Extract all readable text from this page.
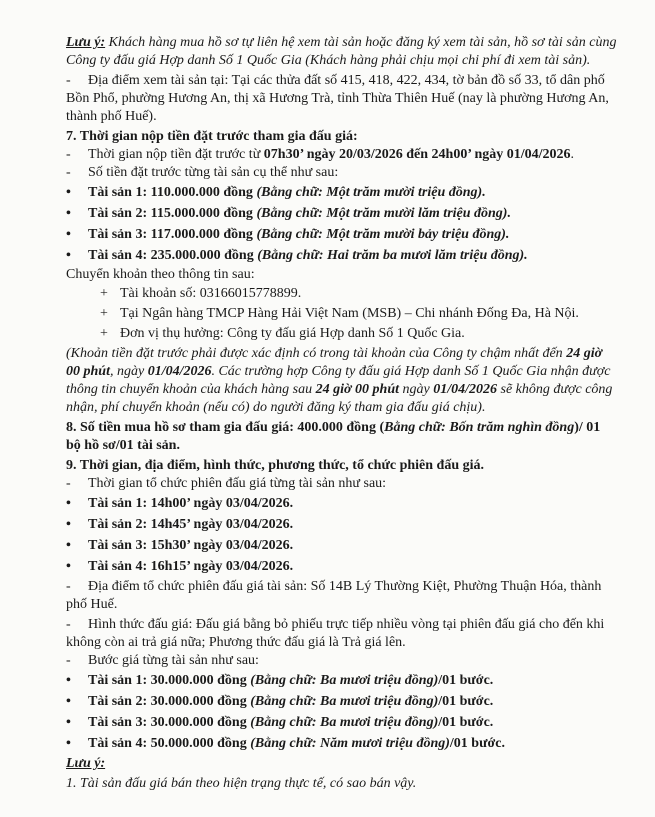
Lưu ý: Khách hàng mua hồ sơ tự liên hệ xem tài sản hoặc đăng ký xem tài sản, hồ sơ tài sản cùng
Công ty đấu giá Hợp danh Số 1 Quốc Gia (Khách hàng phải chịu mọi chi phí đi xem tài sản).
- Địa điểm xem tài sản tại: Tại các thửa đất số 415, 418, 422, 434, tờ bản đồ số 33, tổ dân phố
Bồn Phổ, phường Hương An, thị xã Hương Trà, tỉnh Thừa Thiên Huế (nay là phường Hương An,
thành phố Huế).
7. Thời gian nộp tiền đặt trước tham gia đấu giá:
- Thời gian nộp tiền đặt trước từ 07h30’ ngày 20/03/2026 đến 24h00’ ngày 01/04/2026.
- Số tiền đặt trước từng tài sản cụ thể như sau:
• Tài sản 1: 110.000.000 đồng (Bằng chữ: Một trăm mười triệu đồng).
• Tài sản 2: 115.000.000 đồng (Bằng chữ: Một trăm mười lăm triệu đồng).
• Tài sản 3: 117.000.000 đồng (Bằng chữ: Một trăm mười bảy triệu đồng).
• Tài sản 4: 235.000.000 đồng (Bằng chữ: Hai trăm ba mươi lăm triệu đồng).
Chuyển khoản theo thông tin sau:
+ Tài khoản số: 03166015778899.
+ Tại Ngân hàng TMCP Hàng Hải Việt Nam (MSB) – Chi nhánh Đống Đa, Hà Nội.
+ Đơn vị thụ hưởng: Công ty đấu giá Hợp danh Số 1 Quốc Gia.
(Khoản tiền đặt trước phải được xác định có trong tài khoản của Công ty chậm nhất đến 24 giờ
00 phút, ngày 01/04/2026. Các trường hợp Công ty đấu giá Hợp danh Số 1 Quốc Gia nhận được
thông tin chuyển khoản của khách hàng sau 24 giờ 00 phút ngày 01/04/2026 sẽ không được công
nhận, phí chuyển khoản (nếu có) do người đăng ký tham gia đấu giá chịu).
8. Số tiền mua hồ sơ tham gia đấu giá: 400.000 đồng (Bằng chữ: Bốn trăm nghìn đồng)/ 01
bộ hồ sơ/01 tài sản.
9. Thời gian, địa điểm, hình thức, phương thức, tổ chức phiên đấu giá.
- Thời gian tổ chức phiên đấu giá từng tài sản như sau:
• Tài sản 1: 14h00’ ngày 03/04/2026.
• Tài sản 2: 14h45’ ngày 03/04/2026.
• Tài sản 3: 15h30’ ngày 03/04/2026.
• Tài sản 4: 16h15’ ngày 03/04/2026.
- Địa điểm tổ chức phiên đấu giá tài sản: Số 14B Lý Thường Kiệt, Phường Thuận Hóa, thành
phố Huế.
- Hình thức đấu giá: Đấu giá bằng bỏ phiếu trực tiếp nhiều vòng tại phiên đấu giá cho đến khi
không còn ai trả giá nữa; Phương thức đấu giá là Trả giá lên.
- Bước giá từng tài sản như sau:
• Tài sản 1: 30.000.000 đồng (Bằng chữ: Ba mươi triệu đồng)/01 bước.
• Tài sản 2: 30.000.000 đồng (Bằng chữ: Ba mươi triệu đồng)/01 bước.
• Tài sản 3: 30.000.000 đồng (Bằng chữ: Ba mươi triệu đồng)/01 bước.
• Tài sản 4: 50.000.000 đồng (Bằng chữ: Năm mươi triệu đồng)/01 bước.
Lưu ý:
1. Tài sản đấu giá bán theo hiện trạng thực tế, có sao bán vậy.
